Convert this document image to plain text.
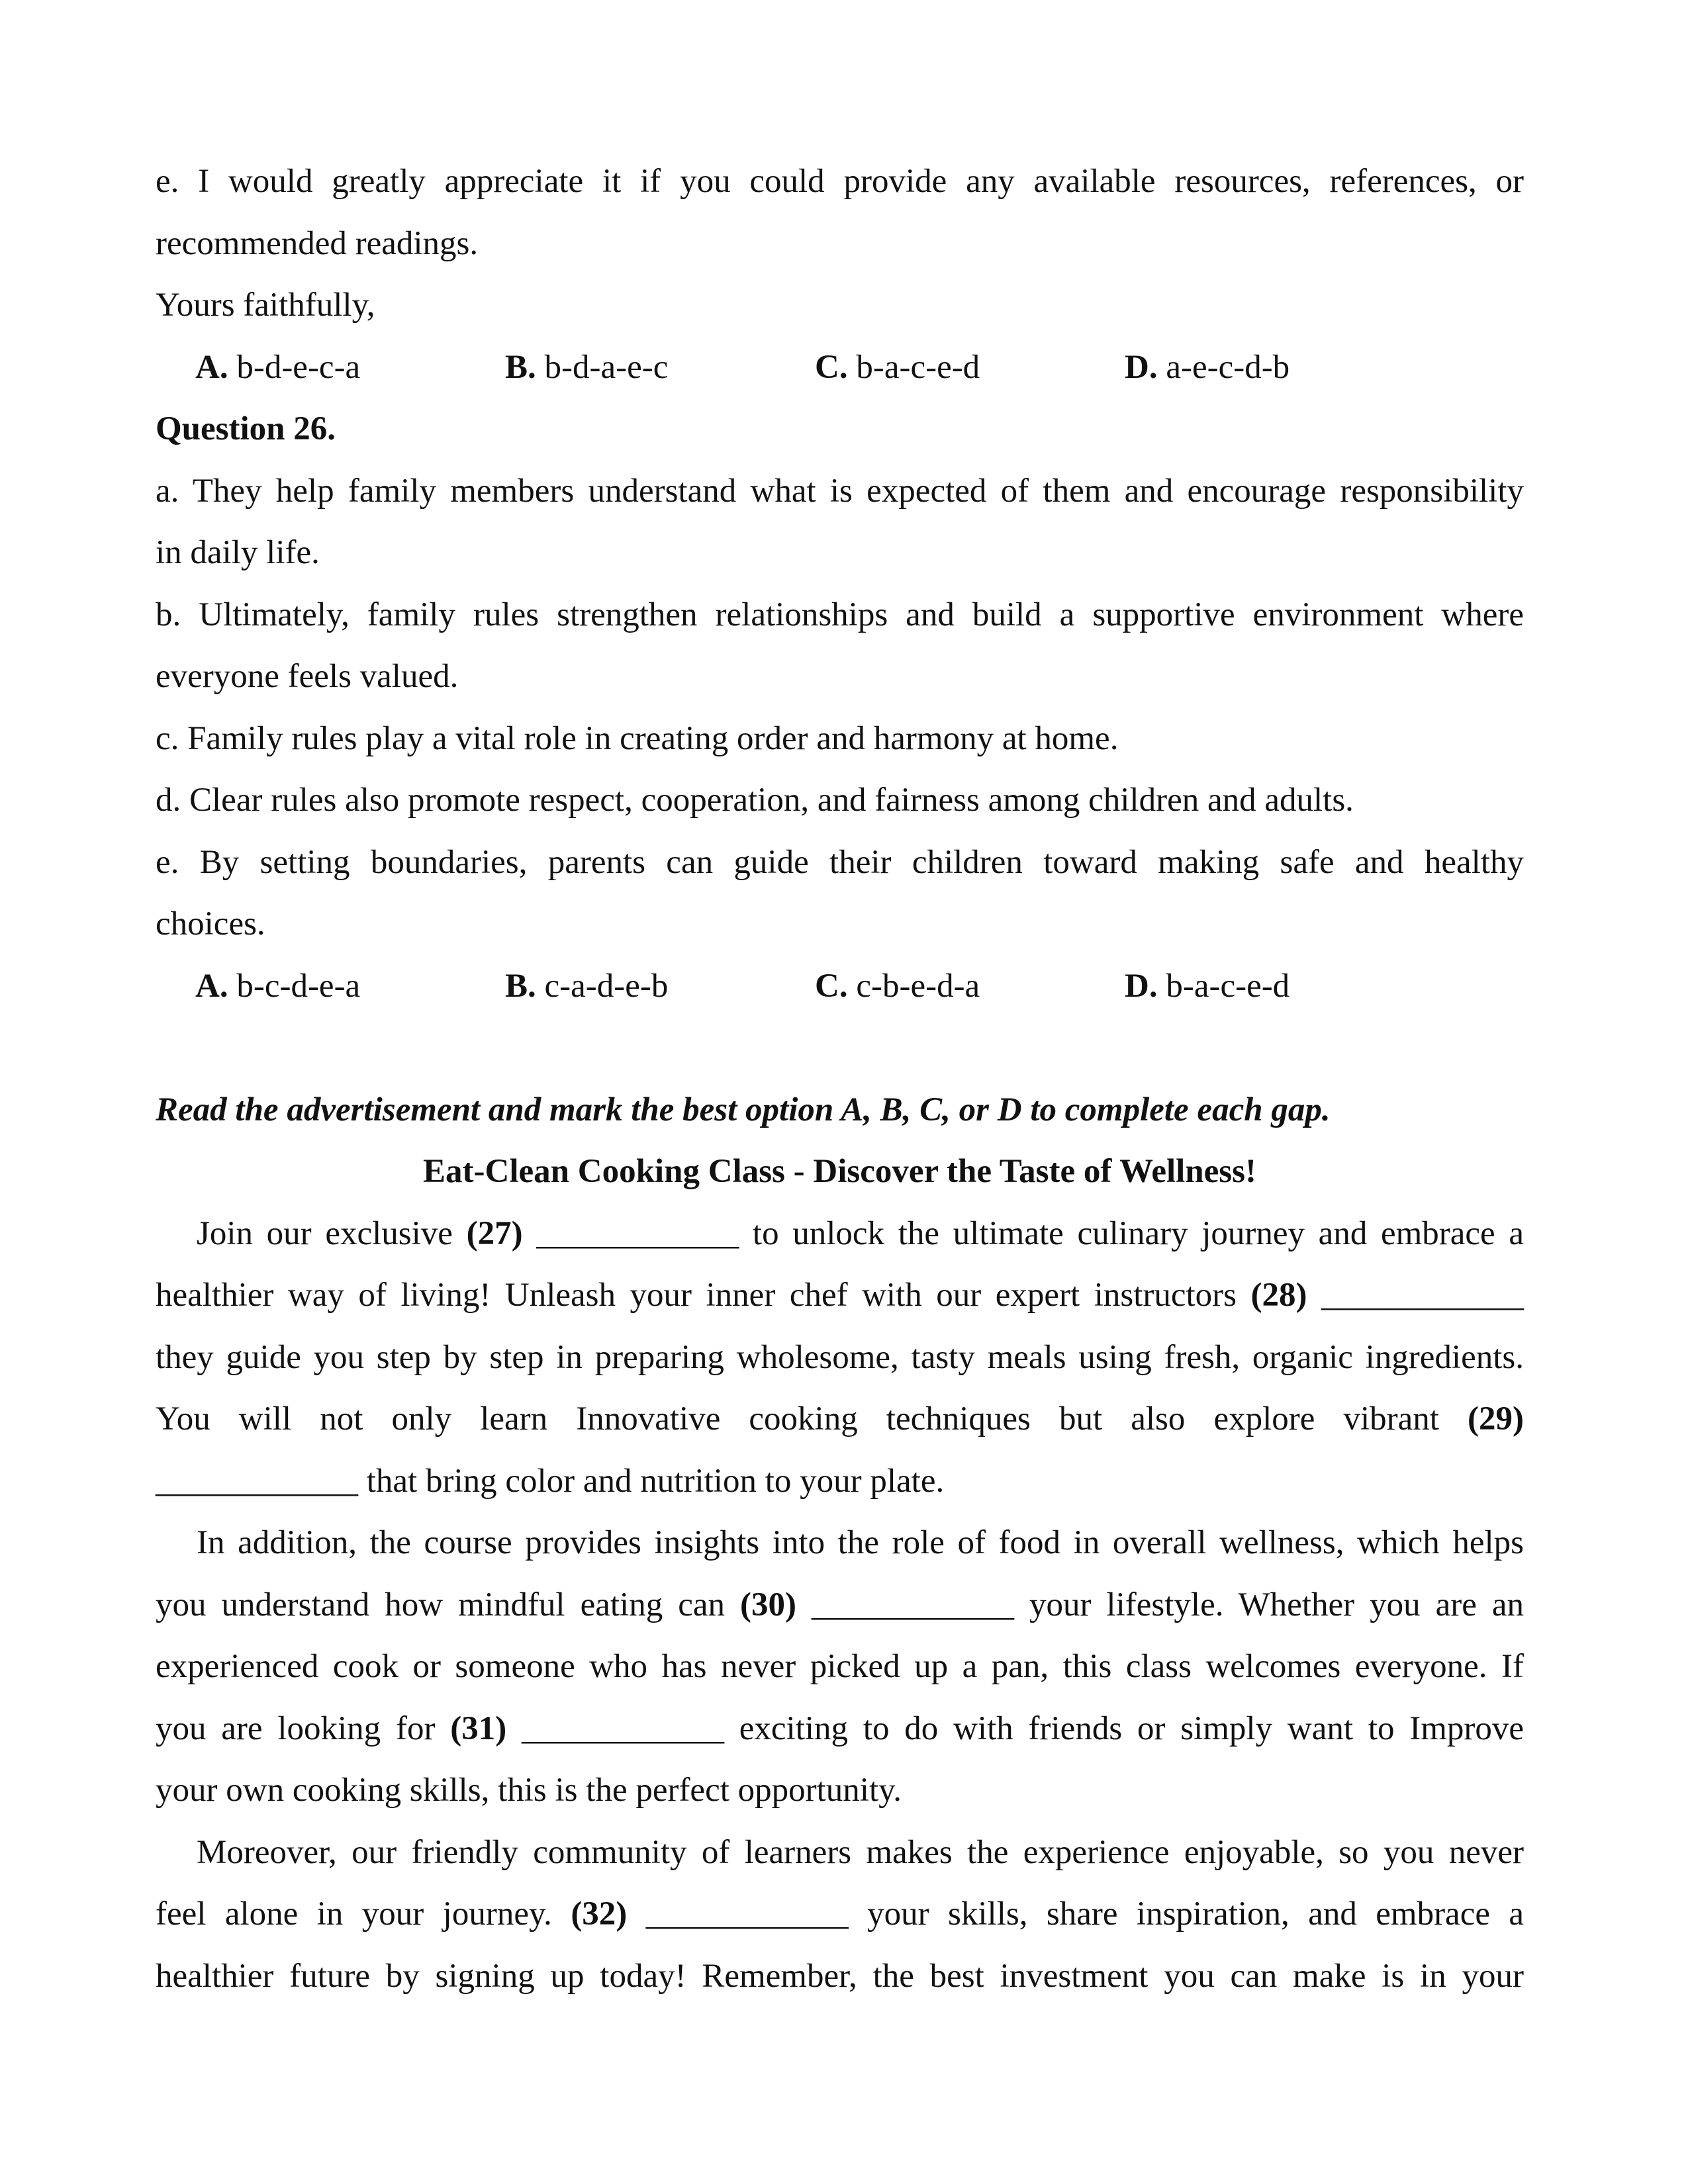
e. I would greatly appreciate it if you could provide any available resources, references, or
recommended readings.
Yours faithfully,
A. b-d-e-c-a	B. b-d-a-e-c	C. b-a-c-e-d	D. a-e-c-d-b
Question 26.
a. They help family members understand what is expected of them and encourage responsibility
in daily life.
b. Ultimately, family rules strengthen relationships and build a supportive environment where
everyone feels valued.
c. Family rules play a vital role in creating order and harmony at home.
d. Clear rules also promote respect, cooperation, and fairness among children and adults.
e. By setting boundaries, parents can guide their children toward making safe and healthy
choices.
A. b-c-d-e-a	B. c-a-d-e-b	C. c-b-e-d-a	D. b-a-c-e-d
Read the advertisement and mark the best option A, B, C, or D to complete each gap.
Eat-Clean Cooking Class - Discover the Taste of Wellness!
Join our exclusive (27) ____________ to unlock the ultimate culinary journey and embrace a
healthier way of living! Unleash your inner chef with our expert instructors (28) ____________
they guide you step by step in preparing wholesome, tasty meals using fresh, organic ingredients.
You will not only learn Innovative cooking techniques but also explore vibrant (29)
____________ that bring color and nutrition to your plate.
In addition, the course provides insights into the role of food in overall wellness, which helps
you understand how mindful eating can (30) ____________ your lifestyle. Whether you are an
experienced cook or someone who has never picked up a pan, this class welcomes everyone. If
you are looking for (31) ____________ exciting to do with friends or simply want to Improve
your own cooking skills, this is the perfect opportunity.
Moreover, our friendly community of learners makes the experience enjoyable, so you never
feel alone in your journey. (32) ____________ your skills, share inspiration, and embrace a
healthier future by signing up today! Remember, the best investment you can make is in your
